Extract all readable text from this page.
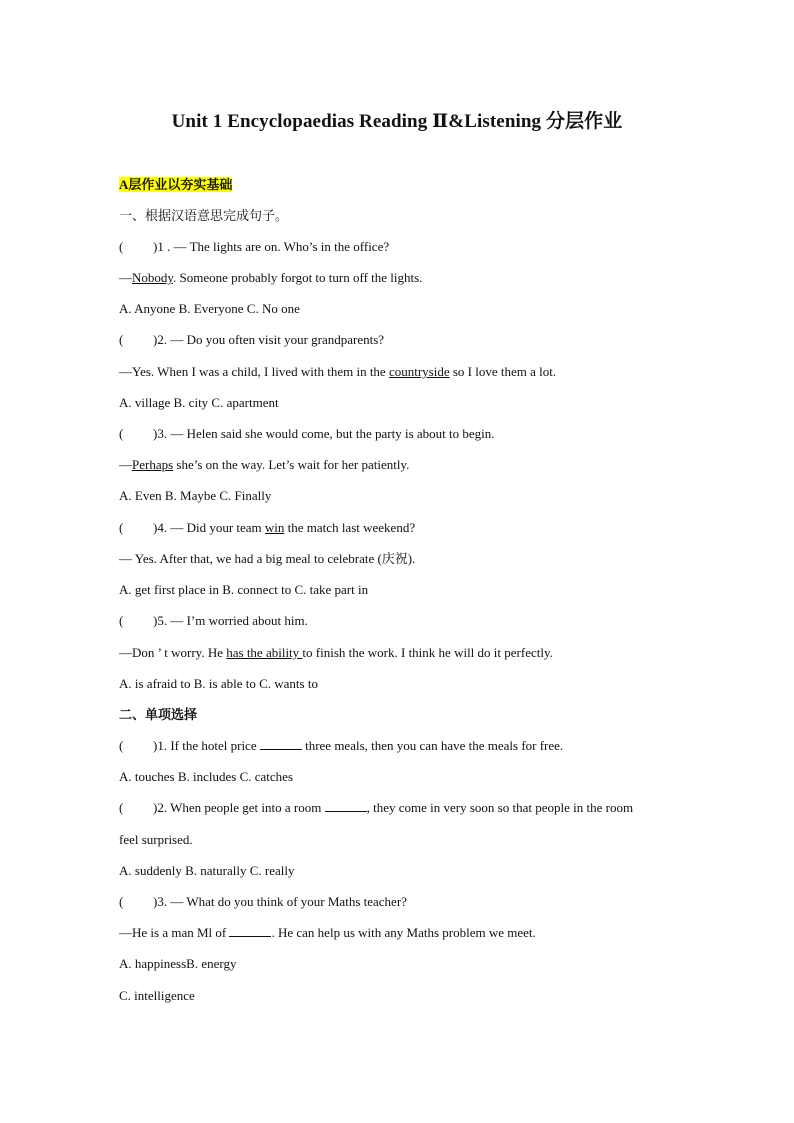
Unit 1 Encyclopaedias Reading Ⅱ&Listening 分层作业
A层作业以夯实基础
一、根据汉语意思完成句子。
( )1 . — The lights are on. Who’s in the office?
—Nobody. Someone probably forgot to turn off the lights.
A. Anyone B. Everyone C. No one
( )2. — Do you often visit your grandparents?
—Yes. When I was a child, I lived with them in the countryside so I love them a lot.
A. village B. city C. apartment
( )3. — Helen said she would come, but the party is about to begin.
—Perhaps she’s on the way. Let’s wait for her patiently.
A. Even B. Maybe C. Finally
( )4. — Did your team win the match last weekend?
— Yes. After that, we had a big meal to celebrate (庆祝).
A. get first place in B. connect to C. take part in
( )5. — I’m worried about him.
—Don ’ t worry. He has the ability to finish the work. I think he will do it perfectly.
A. is afraid to B. is able to C. wants to
二、单项选择
( )1. If the hotel price	three meals, then you can have the meals for free.
A. touches B. includes C. catches
( )2. When people get into a room	, they come in very soon so that people in the room
feel surprised.
A. suddenly B. naturally C. really
( )3. — What do you think of your Maths teacher?
—He is a man Ml of	. He can help us with any Maths problem we meet.
A. happinessB. energy
C. intelligence
